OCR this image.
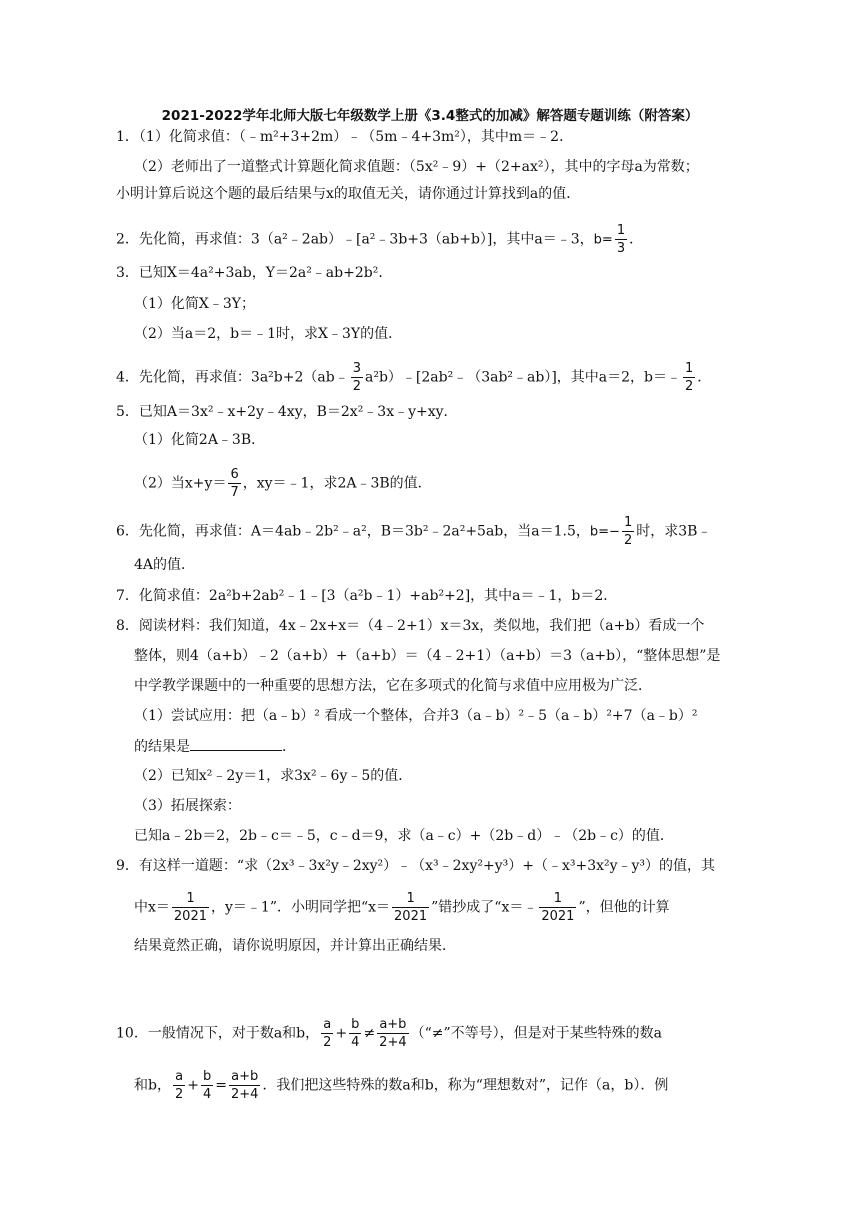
2021-2022学年北师大版七年级数学上册《3.4整式的加减》解答题专题训练（附答案）
1．（1）化简求值：（﹣m²+3+2m）﹣（5m﹣4+3m²），其中m＝﹣2．
（2）老师出了一道整式计算题化简求值题：（5x²﹣9）+（2+ax²），其中的字母a为常数；
小明计算后说这个题的最后结果与x的取值无关，请你通过计算找到a的值．
2．先化简，再求值：3（a²﹣2ab）﹣[a²﹣3b+3（ab+b）]，其中a＝﹣3，$b= \frac{1}{3}$ ．
3．已知X＝4a²+3ab，Y＝2a²﹣ab+2b²．
（1）化简X﹣3Y；
（2）当a＝2，b＝﹣1时，求X﹣3Y的值．
4．先化简，再求值：3a²b+2（ab﹣ $\frac{3}{2}$ a²b）﹣[2ab²﹣（3ab²﹣ab）]，其中a＝2，b＝﹣ $\frac{1}{2}$ ．
5．已知A＝3x²﹣x+2y﹣4xy，B＝2x²﹣3x﹣y+xy．
（1）化简2A﹣3B．
（2）当$x+y= \frac{6}{7}$ ，xy＝﹣1，求2A﹣3B的值．
6．先化简，再求值：A＝4ab﹣2b²﹣a²，B＝3b²﹣2a²+5ab，当a＝1.5，$b=- \frac{1}{2}$ 时，求3B﹣
4A的值．
7．化简求值：2a²b+2ab²﹣1﹣[3（a²b﹣1）+ab²+2]，其中a＝﹣1，b＝2．
8．阅读材料：我们知道，4x﹣2x+x＝（4﹣2+1）x＝3x，类似地，我们把（a+b）看成一个
整体，则4（a+b）﹣2（a+b）+（a+b）＝（4﹣2+1）（a+b）＝3（a+b），“整体思想”是
中学教学课题中的一种重要的思想方法，它在多项式的化简与求值中应用极为广泛．
（1）尝试应用：把（a﹣b）² 看成一个整体，合并3（a﹣b）²﹣5（a﹣b）²+7（a﹣b）²
的结果是	．
（2）已知x²﹣2y＝1，求3x²﹣6y﹣5的值．
（3）拓展探索：
已知a﹣2b＝2，2b﹣c＝﹣5，c﹣d＝9，求（a﹣c）+（2b﹣d）﹣（2b﹣c）的值．
9．有这样一道题：“求（2x³﹣3x²y﹣2xy²）﹣（x³﹣2xy²+y³）+（﹣x³+3x²y﹣y³）的值，其
中$x= \frac{1}{2021}$ ，y＝﹣1”．小明同学把“$x= \frac{1}{2021}$ ”错抄成了“x＝﹣ $\frac{1}{2021}$ ”，但他的计算
结果竟然正确，请你说明原因，并计算出正确结果．
10．一般情况下，对于数a和b， $\frac{a}{2} + \frac{b}{4} \ne \frac{a+b}{2+4}$ （“≠”不等号），但是对于某些特殊的数a
和b， $\frac{a}{2} + \frac{b}{4} = \frac{a+b}{2+4}$ ．我们把这些特殊的数a和b，称为“理想数对”，记作（a，b）．例
